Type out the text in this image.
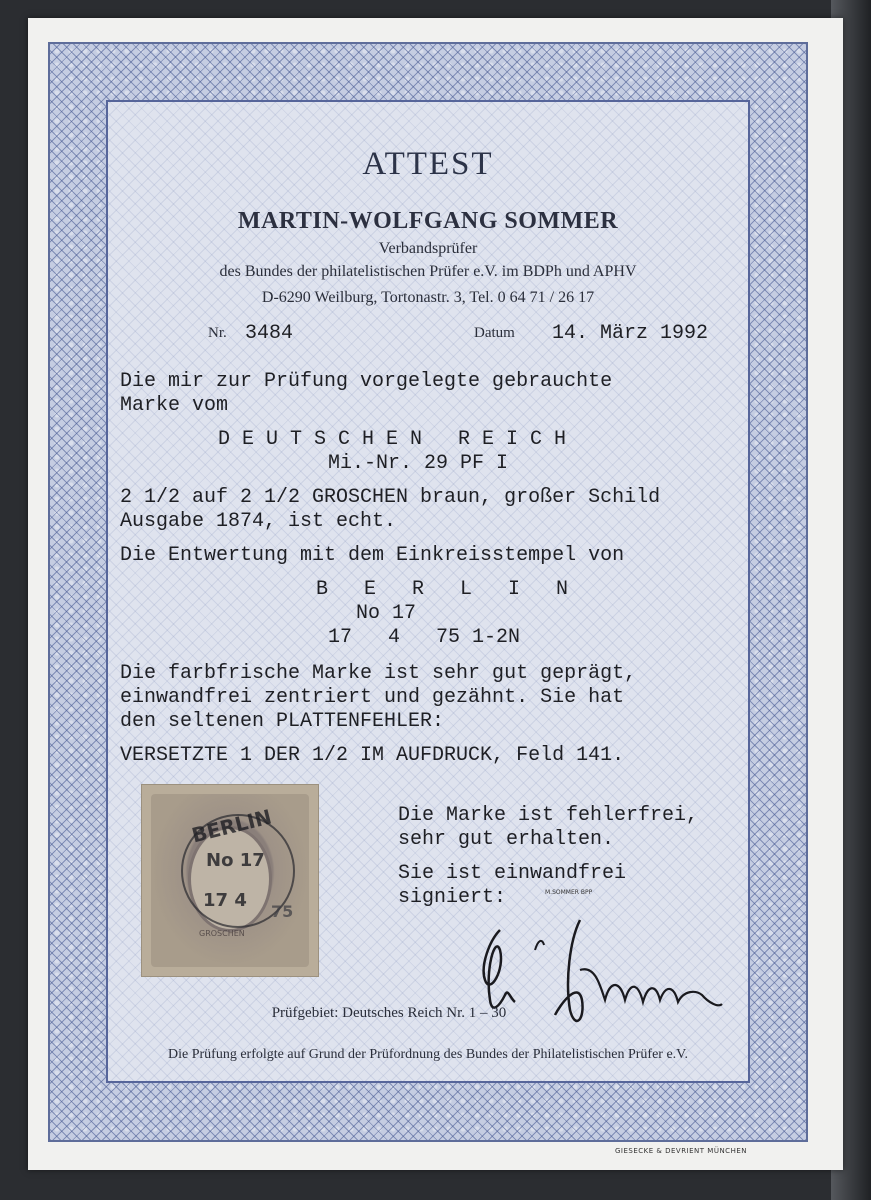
ATTEST
MARTIN-WOLFGANG SOMMER
Verbandsprüfer
des Bundes der philatelistischen Prüfer e.V. im BDPh und APHV
D-6290 Weilburg, Tortonastr. 3, Tel. 0 64 71 / 26 17
Nr. 3484	Datum 14. März 1992
Die mir zur Prüfung vorgelegte gebrauchte
Marke vom
D E U T S C H E N   R E I C H
Mi.-Nr. 29 PF I
2 1/2 auf 2 1/2 GROSCHEN braun, großer Schild
Ausgabe 1874, ist echt.
Die Entwertung mit dem Einkreisstempel von
B   E   R   L   I   N
No 17
17   4   75 1-2N
Die farbfrische Marke ist sehr gut geprägt,
einwandfrei zentriert und gezähnt. Sie hat
den seltenen PLATTENFEHLER:
VERSETZTE 1 DER 1/2 IM AUFDRUCK, Feld 141.
BERLIN
No 17
17 4
75
GROSCHEN
Die Marke ist fehlerfrei,
sehr gut erhalten.
Sie ist einwandfrei
signiert:	M.SOMMER BPP
Prüfgebiet: Deutsches Reich Nr. 1 – 30
Die Prüfung erfolgte auf Grund der Prüfordnung des Bundes der Philatelistischen Prüfer e.V.
GIESECKE & DEVRIENT MÜNCHEN
